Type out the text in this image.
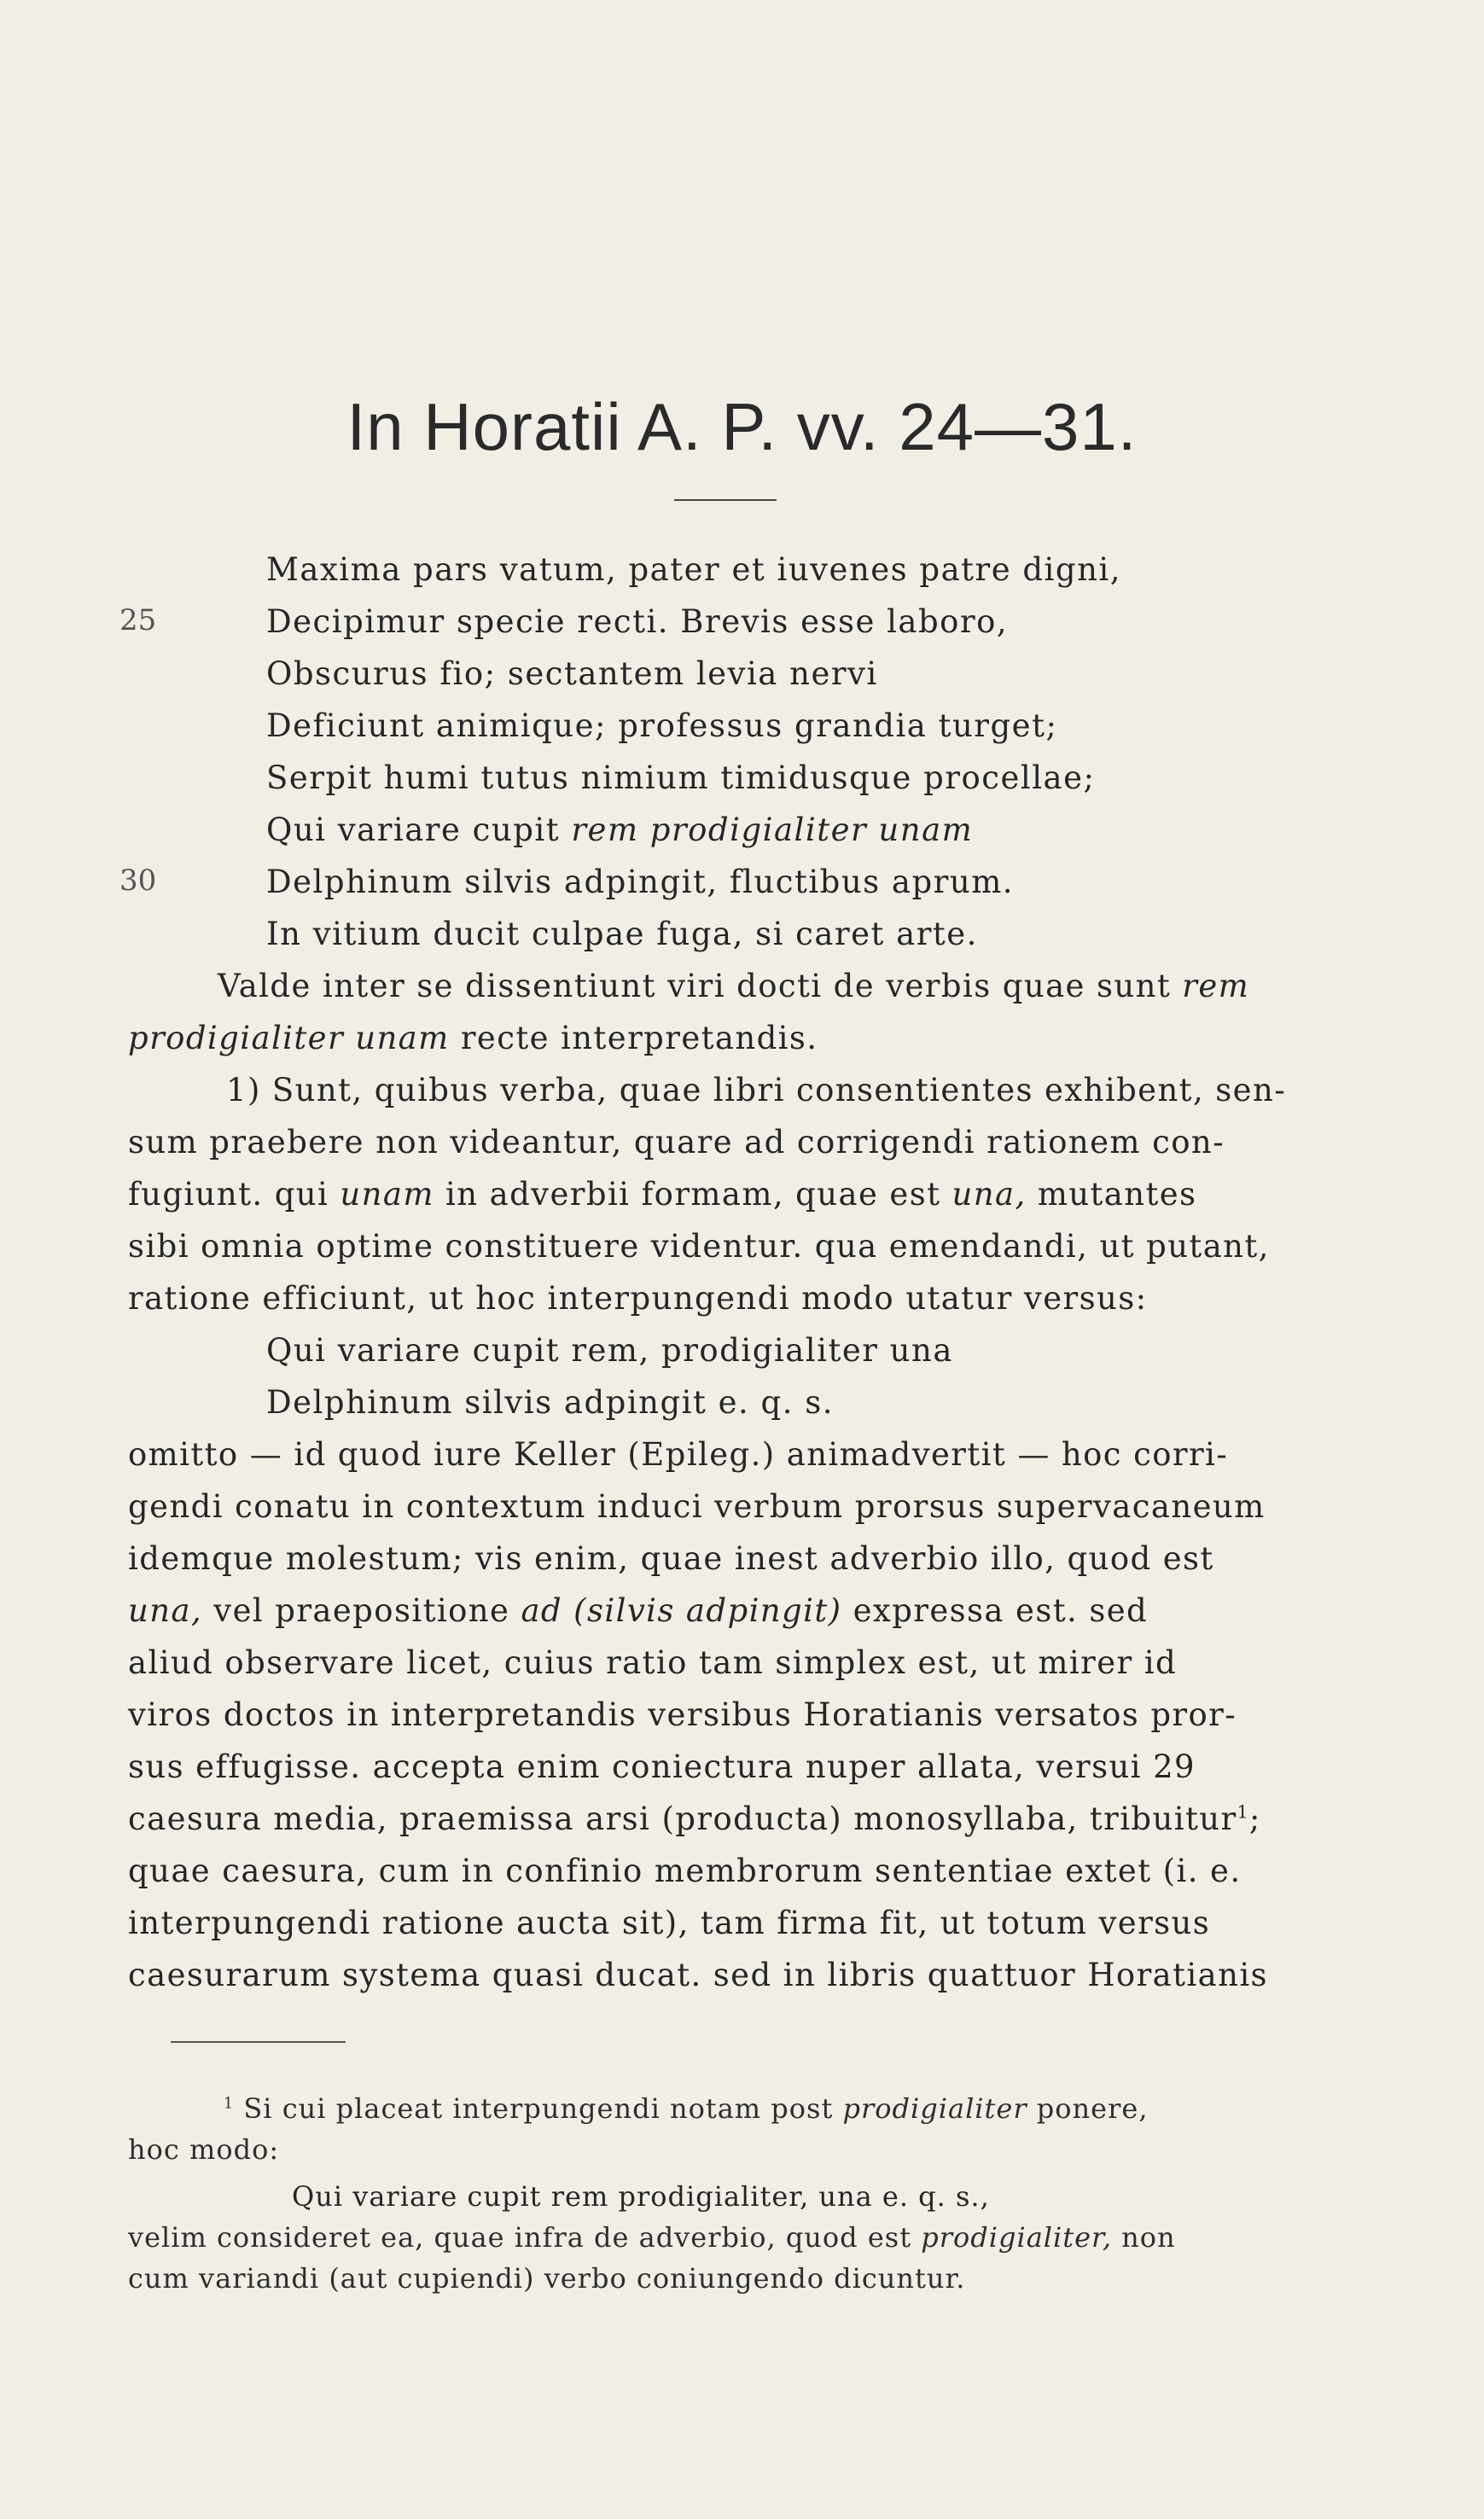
In Horatii A. P. vv. 24—31.
25
30
Maxima pars vatum, pater et iuvenes patre digni,
Decipimur specie recti. Brevis esse laboro,
Obscurus fio; sectantem levia nervi
Deficiunt animique; professus grandia turget;
Serpit humi tutus nimium timidusque procellae;
Qui variare cupit rem prodigialiter unam
Delphinum silvis adpingit, fluctibus aprum.
In vitium ducit culpae fuga, si caret arte.
Valde inter se dissentiunt viri docti de verbis quae sunt rem
prodigialiter unam recte interpretandis.
1) Sunt, quibus verba, quae libri consentientes exhibent, sen-
sum praebere non videantur, quare ad corrigendi rationem con-
fugiunt. qui unam in adverbii formam, quae est una, mutantes
sibi omnia optime constituere videntur. qua emendandi, ut putant,
ratione efficiunt, ut hoc interpungendi modo utatur versus:
Qui variare cupit rem, prodigialiter una
Delphinum silvis adpingit e. q. s.
omitto — id quod iure Keller (Epileg.) animadvertit — hoc corri-
gendi conatu in contextum induci verbum prorsus supervacaneum
idemque molestum; vis enim, quae inest adverbio illo, quod est
una, vel praepositione ad (silvis adpingit) expressa est. sed
aliud observare licet, cuius ratio tam simplex est, ut mirer id
viros doctos in interpretandis versibus Horatianis versatos pror-
sus effugisse. accepta enim coniectura nuper allata, versui 29
caesura media, praemissa arsi (producta) monosyllaba, tribuitur$^1$;
quae caesura, cum in confinio membrorum sententiae extet (i. e.
interpungendi ratione aucta sit), tam firma fit, ut totum versus
caesurarum systema quasi ducat. sed in libris quattuor Horatianis
$^1$ Si cui placeat interpungendi notam post prodigialiter ponere,
hoc modo:
Qui variare cupit rem prodigialiter, una e. q. s.,
velim consideret ea, quae infra de adverbio, quod est prodigialiter, non
cum variandi (aut cupiendi) verbo coniungendo dicuntur.
